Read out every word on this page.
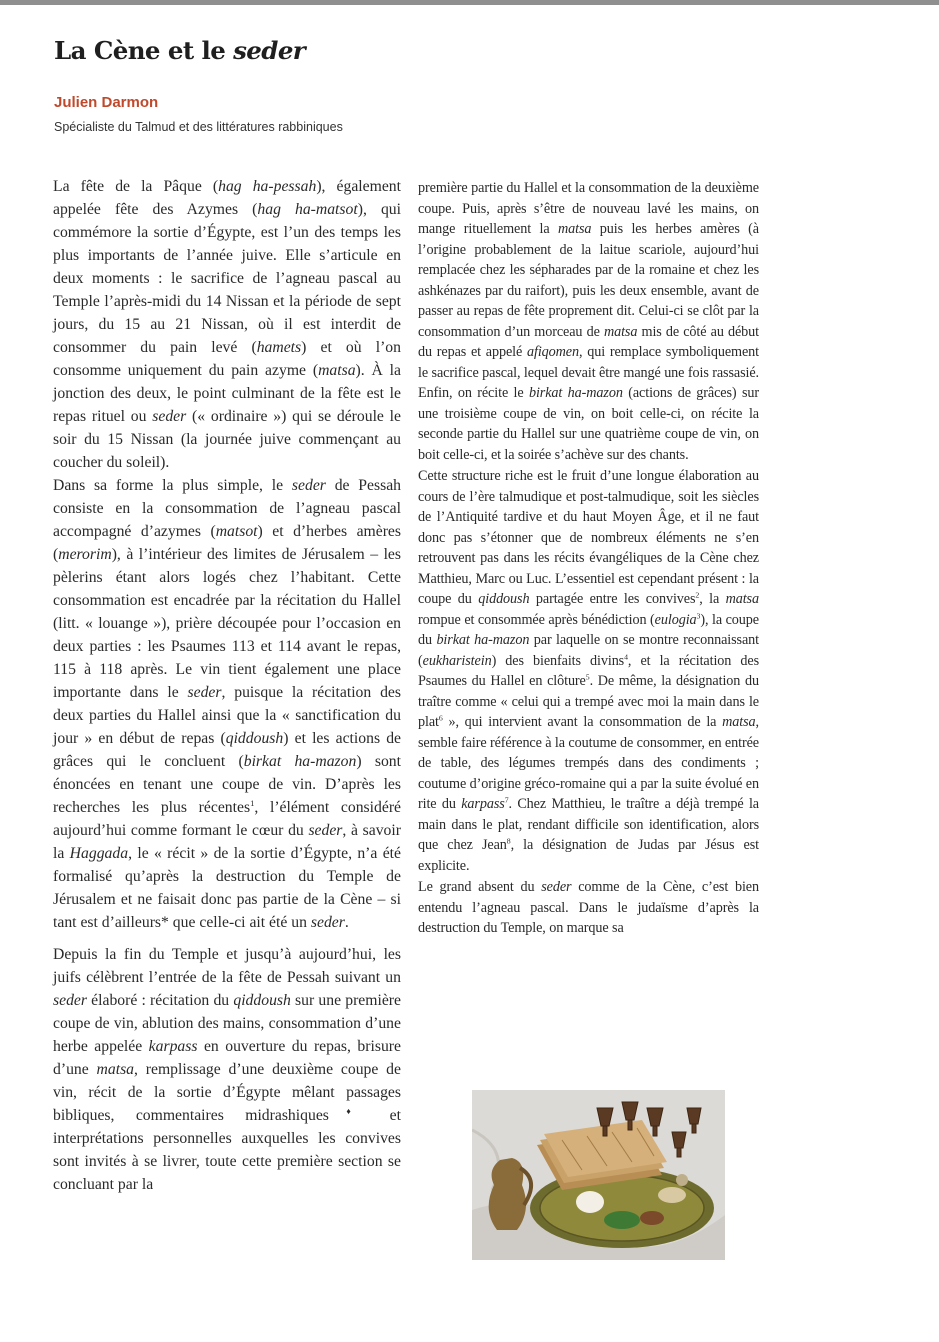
La Cène et le seder
Julien Darmon
Spécialiste du Talmud et des littératures rabbiniques

La fête de la Pâque (hag ha-pessah), également appelée fête des Azymes (hag ha-matsot), qui commémore la sortie d’Égypte, est l’un des temps les plus importants de l’année juive. Elle s’articule en deux moments : le sacrifice de l’agneau pascal au Temple l’après-midi du 14 Nissan et la période de sept jours, du 15 au 21 Nissan, où il est interdit de consommer du pain levé (hamets) et où l’on consomme uniquement du pain azyme (matsa). À la jonction des deux, le point culminant de la fête est le repas rituel ou seder (« ordinaire ») qui se déroule le soir du 15 Nissan (la journée juive commençant au coucher du soleil).

Dans sa forme la plus simple, le seder de Pessah consiste en la consommation de l’agneau pascal accompagné d’azymes (matsot) et d’herbes amères (merorim), à l’intérieur des limites de Jérusalem – les pèlerins étant alors logés chez l’habitant. Cette consommation est encadrée par la récitation du Hallel (litt. « louange »), prière découpée pour l’occasion en deux parties : les Psaumes 113 et 114 avant le repas, 115 à 118 après. Le vin tient également une place importante dans le seder, puisque la récitation des deux parties du Hallel ainsi que la « sanctification du jour » en début de repas (qiddoush) et les actions de grâces qui le concluent (birkat ha-mazon) sont énoncées en tenant une coupe de vin. D’après les recherches les plus récentes$^1$, l’élément considéré aujourd’hui comme formant le cœur du seder, à savoir la Haggada, le « récit » de la sortie d’Égypte, n’a été formalisé qu’après la destruction du Temple de Jérusalem et ne faisait donc pas partie de la Cène – si tant est d’ailleurs* que celle-ci ait été un seder.

Depuis la fin du Temple et jusqu’à aujourd’hui, les juifs célèbrent l’entrée de la fête de Pessah suivant un seder élaboré : récitation du qiddoush sur une première coupe de vin, ablution des mains, consommation d’une herbe appelée karpass en ouverture du repas, brisure d’une matsa, remplissage d’une deuxième coupe de vin, récit de la sortie d’Égypte mêlant passages bibliques, commentaires midrashiques♦ et interprétations personnelles auxquelles les convives sont invités à se livrer, toute cette première section se concluant par la

première partie du Hallel et la consommation de la deuxième coupe. Puis, après s’être de nouveau lavé les mains, on mange rituellement la matsa puis les herbes amères (à l’origine probablement de la laitue scariole, aujourd’hui remplacée chez les sépharades par de la romaine et chez les ashkénazes par du raifort), puis les deux ensemble, avant de passer au repas de fête proprement dit. Celui-ci se clôt par la consommation d’un morceau de matsa mis de côté au début du repas et appelé afiqomen, qui remplace symboliquement le sacrifice pascal, lequel devait être mangé une fois rassasié. Enfin, on récite le birkat ha-mazon (actions de grâces) sur une troisième coupe de vin, on boit celle-ci, on récite la seconde partie du Hallel sur une quatrième coupe de vin, on boit celle-ci, et la soirée s’achève sur des chants.

Cette structure riche est le fruit d’une longue élaboration au cours de l’ère talmudique et post-talmudique, soit les siècles de l’Antiquité tardive et du haut Moyen Âge, et il ne faut donc pas s’étonner que de nombreux éléments ne s’en retrouvent pas dans les récits évangéliques de la Cène chez Matthieu, Marc ou Luc. L’essentiel est cependant présent : la coupe du qiddoush partagée entre les convives$^2$, la matsa rompue et consommée après bénédiction (eulogia$^3$), la coupe du birkat ha-mazon par laquelle on se montre reconnaissant (eukharistein) des bienfaits divins$^4$, et la récitation des Psaumes du Hallel en clôture$^5$. De même, la désignation du traître comme « celui qui a trempé avec moi la main dans le plat$^6$ », qui intervient avant la consommation de la matsa, semble faire référence à la coutume de consommer, en entrée de table, des légumes trempés dans des condiments ; coutume d’origine gréco-romaine qui a par la suite évolué en rite du karpass$^7$. Chez Matthieu, le traître a déjà trempé la main dans le plat, rendant difficile son identification, alors que chez Jean$^8$, la désignation de Judas par Jésus est explicite.

Le grand absent du seder comme de la Cène, c’est bien entendu l’agneau pascal. Dans le judaïsme d’après la destruction du Temple, on marque sa
